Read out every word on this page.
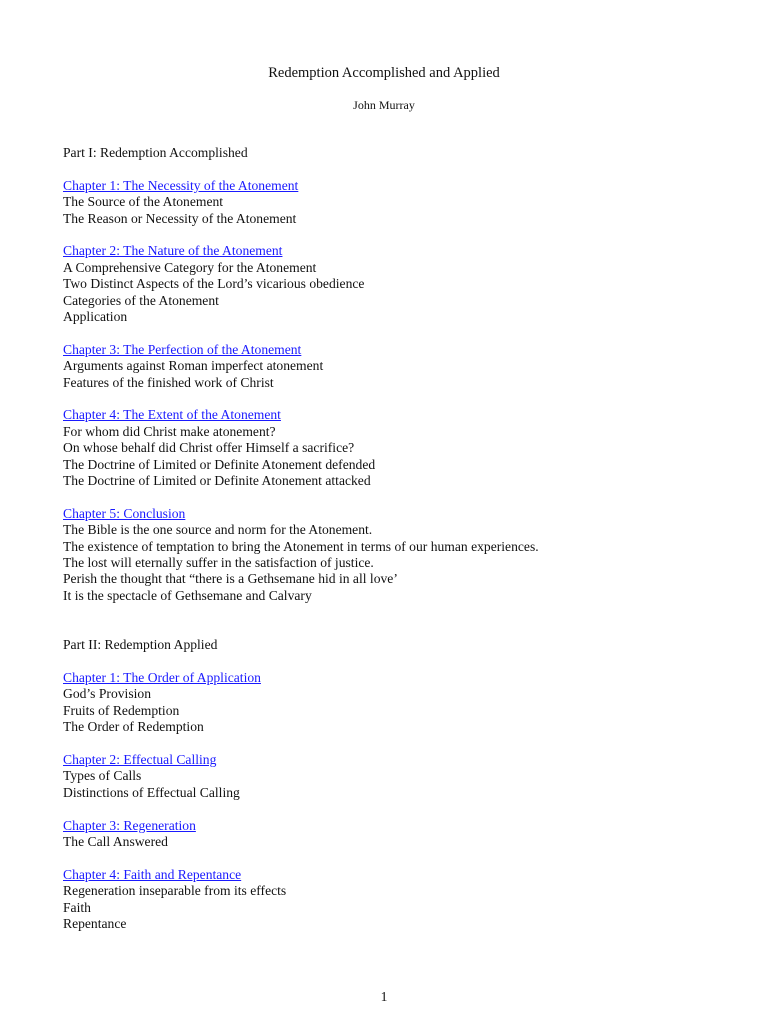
Redemption Accomplished and Applied
John Murray
Part I: Redemption Accomplished
Chapter 1: The Necessity of the Atonement
The Source of the Atonement
The Reason or Necessity of the Atonement
Chapter 2: The Nature of the Atonement
A Comprehensive Category for the Atonement
Two Distinct Aspects of the Lord’s vicarious obedience
Categories of the Atonement
Application
Chapter 3: The Perfection of the Atonement
Arguments against Roman imperfect atonement
Features of the finished work of Christ
Chapter 4: The Extent of the Atonement
For whom did Christ make atonement?
On whose behalf did Christ offer Himself a sacrifice?
The Doctrine of Limited or Definite Atonement defended
The Doctrine of Limited or Definite Atonement attacked
Chapter 5: Conclusion
The Bible is the one source and norm for the Atonement.
The existence of temptation to bring the Atonement in terms of our human experiences.
The lost will eternally suffer in the satisfaction of justice.
Perish the thought that “there is a Gethsemane hid in all love’
It is the spectacle of Gethsemane and Calvary
Part II: Redemption Applied
Chapter 1: The Order of Application
God’s Provision
Fruits of Redemption
The Order of Redemption
Chapter 2: Effectual Calling
Types of Calls
Distinctions of Effectual Calling
Chapter 3: Regeneration
The Call Answered
Chapter 4: Faith and Repentance
Regeneration inseparable from its effects
Faith
Repentance
1
